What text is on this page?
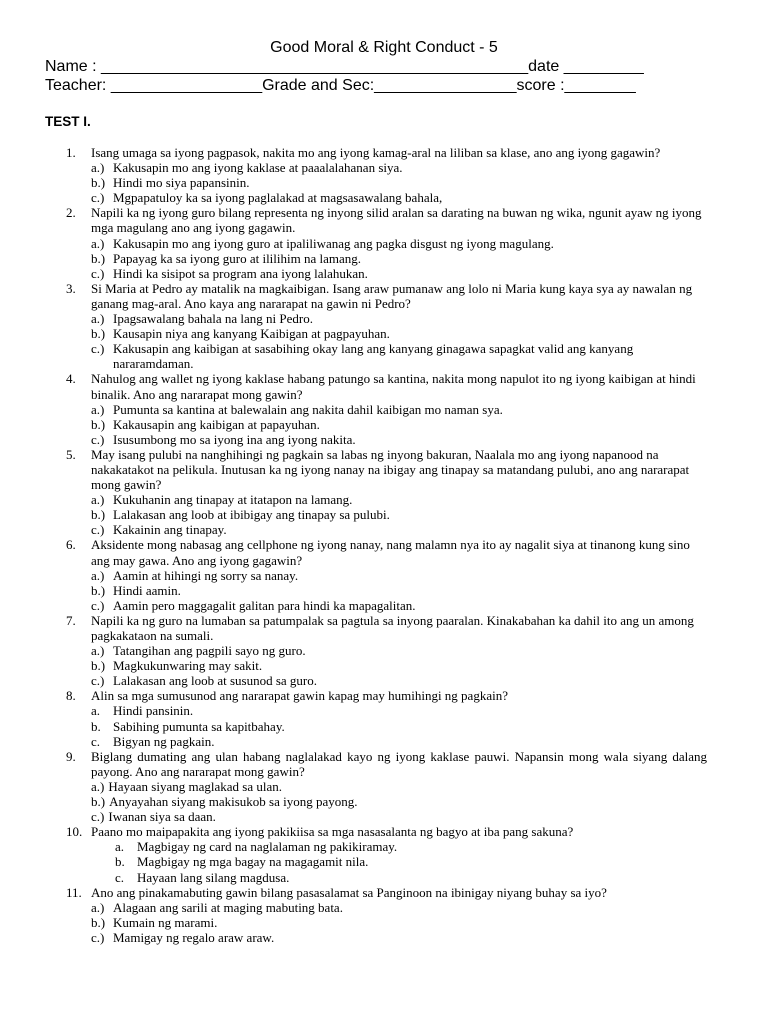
Good Moral & Right Conduct - 5
Name : ________________________________________________date _________
Teacher: _________________Grade and Sec:________________score :________
TEST I.
1. Isang umaga sa iyong pagpasok, nakita mo ang iyong kamag-aral na liliban sa klase, ano ang iyong gagawin?
a.) Kakusapin mo ang iyong kaklase at paaalalahanan siya.
b.) Hindi mo siya papansinin.
c.) Mgpapatuloy ka sa iyong paglalakad at magsasawalang bahala,
2. Napili ka ng iyong guro bilang representa ng inyong silid aralan sa darating na buwan ng wika, ngunit ayaw ng iyong mga magulang ano ang iyong gagawin.
a.) Kakusapin mo ang iyong guro at ipaliliwanag ang pagka disgust ng iyong magulang.
b.) Papayag ka sa iyong guro at ililihim na lamang.
c.) Hindi ka sisipot sa program ana iyong lalahukan.
3. Si Maria at Pedro ay matalik na magkaibigan. Isang araw pumanaw ang lolo ni Maria kung kaya sya ay nawalan ng ganang mag-aral. Ano kaya ang nararapat na gawin ni Pedro?
a.) Ipagsawalang bahala na lang ni Pedro.
b.) Kausapin niya ang kanyang Kaibigan at pagpayuhan.
c.) Kakusapin ang kaibigan at sasabihing okay lang ang kanyang ginagawa sapagkat valid ang kanyang nararamdaman.
4. Nahulog ang wallet ng iyong kaklase habang patungo sa kantina, nakita mong napulot ito ng iyong kaibigan at hindi binalik. Ano ang nararapat mong gawin?
a.) Pumunta sa kantina at balewalain ang nakita dahil kaibigan mo naman sya.
b.) Kakausapin ang kaibigan at papayuhan.
c.) Isusumbong mo sa iyong ina ang iyong nakita.
5. May isang pulubi na nanghihingi ng pagkain sa labas ng inyong bakuran, Naalala mo ang iyong napanood na nakakatakot na pelikula. Inutusan ka ng iyong nanay na ibigay ang tinapay sa matandang pulubi, ano ang nararapat mong gawin?
a.) Kukuhanin ang tinapay at itatapon na lamang.
b.) Lalakasan ang loob at ibibigay ang tinapay sa pulubi.
c.) Kakainin ang tinapay.
6. Aksidente mong nabasag ang cellphone ng iyong nanay, nang malamn nya ito ay nagalit siya at tinanong kung sino ang may gawa. Ano ang iyong gagawin?
a.) Aamin at hihingi ng sorry sa nanay.
b.) Hindi aamin.
c.) Aamin pero maggagalit galitan para hindi ka mapagalitan.
7. Napili ka ng guro na lumaban sa patumpalak sa pagtula sa inyong paaralan. Kinakabahan ka dahil ito ang un among pagkakataon na sumali.
a.) Tatangihan ang pagpili sayo ng guro.
b.) Magkukunwaring may sakit.
c.) Lalakasan ang loob at susunod sa guro.
8. Alin sa mga sumusunod ang nararapat gawin kapag may humihingi ng pagkain?
a. Hindi pansinin.
b. Sabihing pumunta sa kapitbahay.
c. Bigyan ng pagkain.
9. Biglang dumating ang ulan habang naglalakad kayo ng iyong kaklase pauwi. Napansin mong wala siyang dalang payong. Ano ang nararapat mong gawin?
a.) Hayaan siyang maglakad sa ulan.
b.) Anyayahan siyang makisukob sa iyong payong.
c.) Iwanan siya sa daan.
10. Paano mo maipapakita ang iyong pakikiisa sa mga nasasalanta ng bagyo at iba pang sakuna?
a. Magbigay ng card na naglalaman ng pakikiramay.
b. Magbigay ng mga bagay na magagamit nila.
c. Hayaan lang silang magdusa.
11. Ano ang pinakamabuting gawin bilang pasasalamat sa Panginoon na ibinigay niyang buhay sa iyo?
a.) Alagaan ang sarili at maging mabuting bata.
b.) Kumain ng marami.
c.) Mamigay ng regalo araw araw.
